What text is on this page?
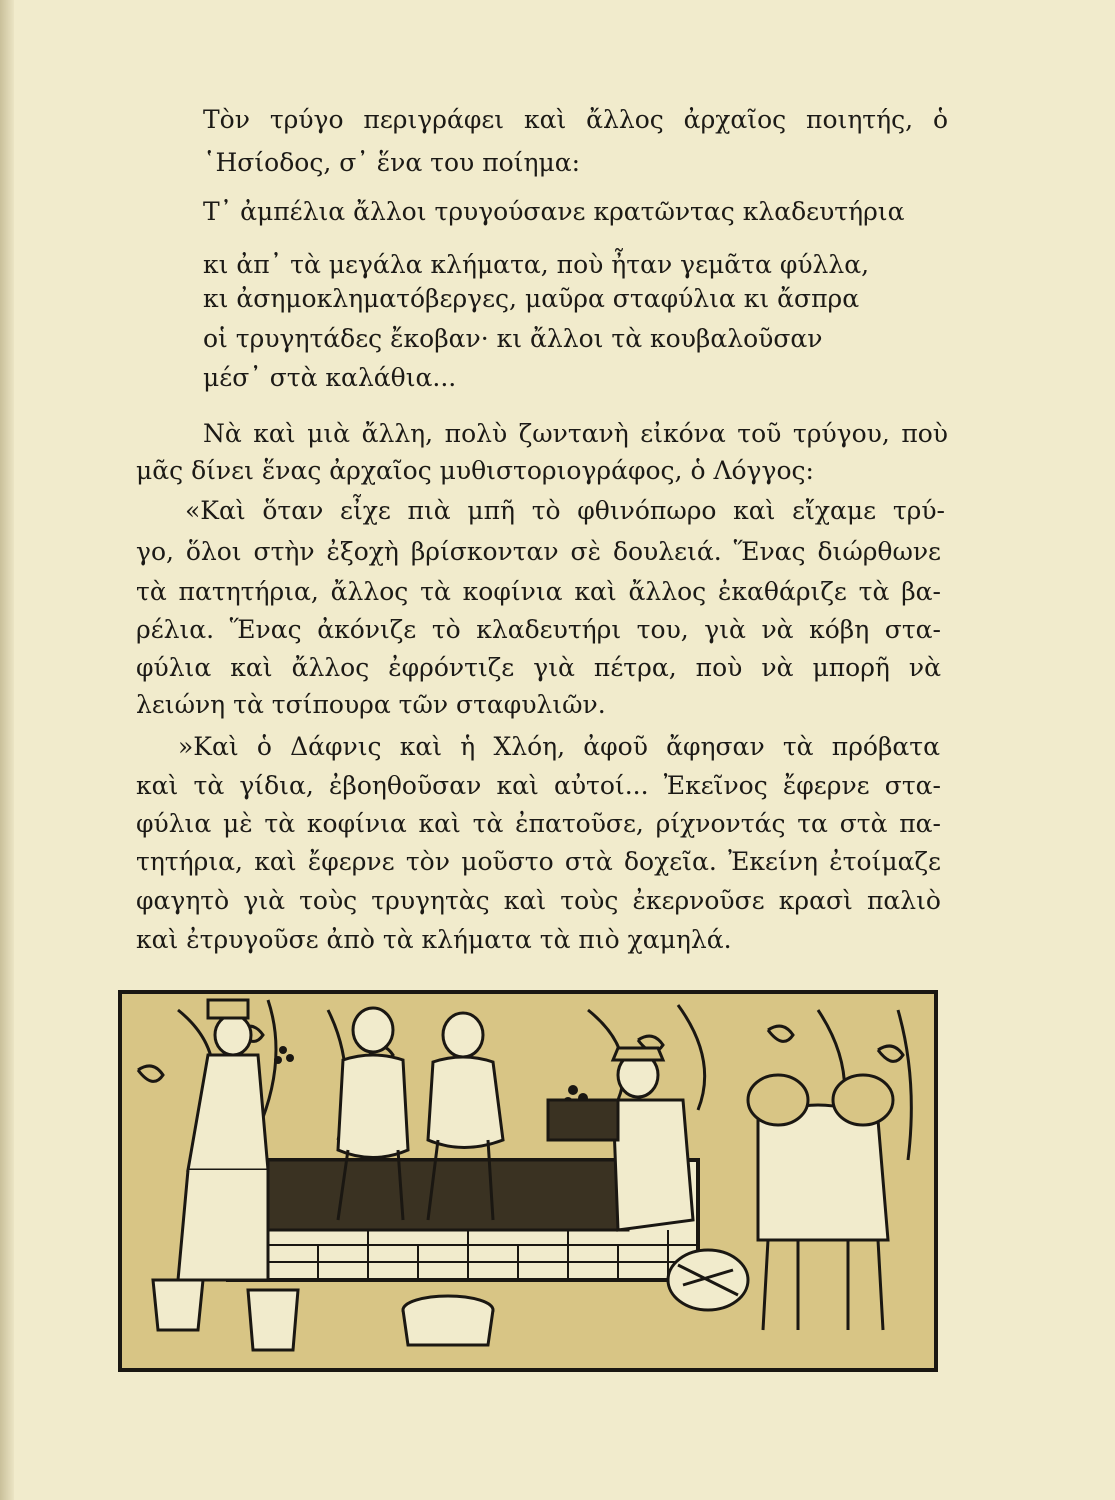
Τὸν τρύγο περιγράφει καὶ ἄλλος ἀρχαῖος ποιητής, ὁ

῾Ησίοδος, σ᾽ ἕνα του ποίημα:

Τ᾽ ἀμπέλια ἄλλοι τρυγούσανε κρατῶντας κλαδευτήρια

κι ἀπ᾽ τὰ μεγάλα κλήματα, ποὺ ἦταν γεμᾶτα φύλλα,

κι ἀσημοκληματόβεργες, μαῦρα σταφύλια κι ἄσπρα

οἱ τρυγητάδες ἔκοβαν· κι ἄλλοι τὰ κουβαλοῦσαν

μέσ᾽ στὰ καλάθια...

Νὰ καὶ μιὰ ἄλλη, πολὺ ζωντανὴ εἰκόνα τοῦ τρύγου, ποὺ

μᾶς δίνει ἕνας ἀρχαῖος μυθιστοριογράφος, ὁ Λόγγος:

«Καὶ ὅταν εἶχε πιὰ μπῆ τὸ φθινόπωρο καὶ εἴχαμε τρύ-

γο, ὅλοι στὴν ἐξοχὴ βρίσκονταν σὲ δουλειά. Ἕνας διώρθωνε

τὰ πατητήρια, ἄλλος τὰ κοφίνια καὶ ἄλλος ἐκαθάριζε τὰ βα-

ρέλια. Ἕνας ἀκόνιζε τὸ κλαδευτήρι του, γιὰ νὰ κόβη στα-

φύλια καὶ ἄλλος ἐφρόντιζε γιὰ πέτρα, ποὺ νὰ μπορῆ νὰ

λειώνη τὰ τσίπουρα τῶν σταφυλιῶν.

»Καὶ ὁ Δάφνις καὶ ἡ Χλόη, ἀφοῦ ἄφησαν τὰ πρόβατα

καὶ τὰ γίδια, ἐβοηθοῦσαν καὶ αὐτοί... Ἐκεῖνος ἔφερνε στα-

φύλια μὲ τὰ κοφίνια καὶ τὰ ἐπατοῦσε, ρίχνοντάς τα στὰ πα-

τητήρια, καὶ ἔφερνε τὸν μοῦστο στὰ δοχεῖα. Ἐκείνη ἐτοίμαζε

φαγητὸ γιὰ τοὺς τρυγητὰς καὶ τοὺς ἐκερνοῦσε κρασὶ παλιὸ

καὶ ἐτρυγοῦσε ἀπὸ τὰ κλήματα τὰ πιὸ χαμηλά.
